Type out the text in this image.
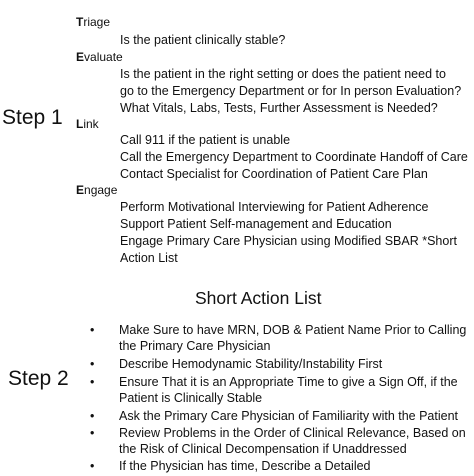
Step 1
Triage
Is the patient clinically stable?
Evaluate
Is the patient in the right setting or does the patient need to
go to the Emergency Department or for In person Evaluation?
What Vitals, Labs, Tests, Further Assessment is Needed?
Link
Call 911 if the patient is unable
Call the Emergency Department to Coordinate Handoff of Care
Contact Specialist for Coordination of Patient Care Plan
Engage
Perform Motivational Interviewing for Patient Adherence
Support Patient Self-management and Education
Engage Primary Care Physician using Modified SBAR *Short
Action List
Short Action List
Step 2
•	Make Sure to have MRN, DOB & Patient Name Prior to Calling
the Primary Care Physician
•	Describe Hemodynamic Stability/Instability First
•	Ensure That it is an Appropriate Time to give a Sign Off, if the
Patient is Clinically Stable
•	Ask the Primary Care Physician of Familiarity with the Patient
•	Review Problems in the Order of Clinical Relevance, Based on
the Risk of Clinical Decompensation if Unaddressed
•	If the Physician has time, Describe a Detailed
